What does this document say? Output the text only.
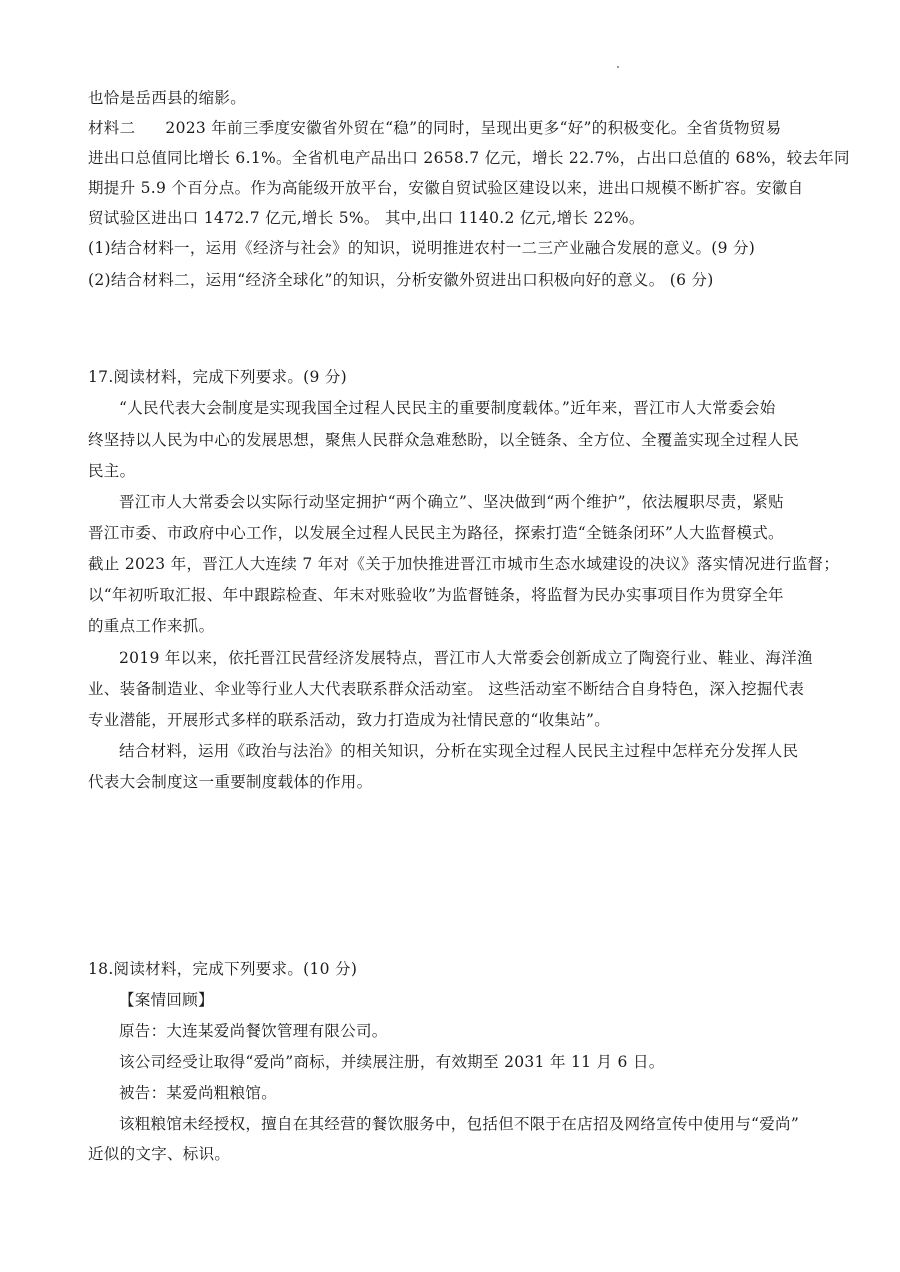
也恰是岳西县的缩影。
材料二 2023 年前三季度安徽省外贸在“稳”的同时，呈现出更多“好”的积极变化。全省货物贸易
进出口总值同比增长 6.1%。全省机电产品出口 2658.7 亿元，增长 22.7%，占出口总值的 68%，较去年同
期提升 5.9 个百分点。作为高能级开放平台，安徽自贸试验区建设以来，进出口规模不断扩容。安徽自
贸试验区进出口 1472.7 亿元,增长 5%。 其中,出口 1140.2 亿元,增长 22%。
(1)结合材料一，运用《经济与社会》的知识，说明推进农村一二三产业融合发展的意义。(9 分)
(2)结合材料二，运用“经济全球化”的知识，分析安徽外贸进出口积极向好的意义。 (6 分)
17.阅读材料，完成下列要求。(9 分)
“人民代表大会制度是实现我国全过程人民民主的重要制度载体。”近年来，晋江市人大常委会始
终坚持以人民为中心的发展思想，聚焦人民群众急难愁盼，以全链条、全方位、全覆盖实现全过程人民
民主。
晋江市人大常委会以实际行动坚定拥护“两个确立”、坚决做到“两个维护”，依法履职尽责，紧贴
晋江市委、市政府中心工作，以发展全过程人民民主为路径，探索打造“全链条闭环”人大监督模式。
截止 2023 年，晋江人大连续 7 年对《关于加快推进晋江市城市生态水域建设的决议》落实情况进行监督；
以“年初听取汇报、年中跟踪检查、年末对账验收”为监督链条，将监督为民办实事项目作为贯穿全年
的重点工作来抓。
2019 年以来，依托晋江民营经济发展特点，晋江市人大常委会创新成立了陶瓷行业、鞋业、海洋渔
业、装备制造业、伞业等行业人大代表联系群众活动室。 这些活动室不断结合自身特色，深入挖掘代表
专业潜能，开展形式多样的联系活动，致力打造成为社情民意的“收集站”。
结合材料，运用《政治与法治》的相关知识，分析在实现全过程人民民主过程中怎样充分发挥人民
代表大会制度这一重要制度载体的作用。
18.阅读材料，完成下列要求。(10 分)
【案情回顾】
原告：大连某爱尚餐饮管理有限公司。
该公司经受让取得“爱尚”商标，并续展注册，有效期至 2031 年 11 月 6 日。
被告：某爱尚粗粮馆。
该粗粮馆未经授权，擅自在其经营的餐饮服务中，包括但不限于在店招及网络宣传中使用与“爱尚”
近似的文字、标识。
